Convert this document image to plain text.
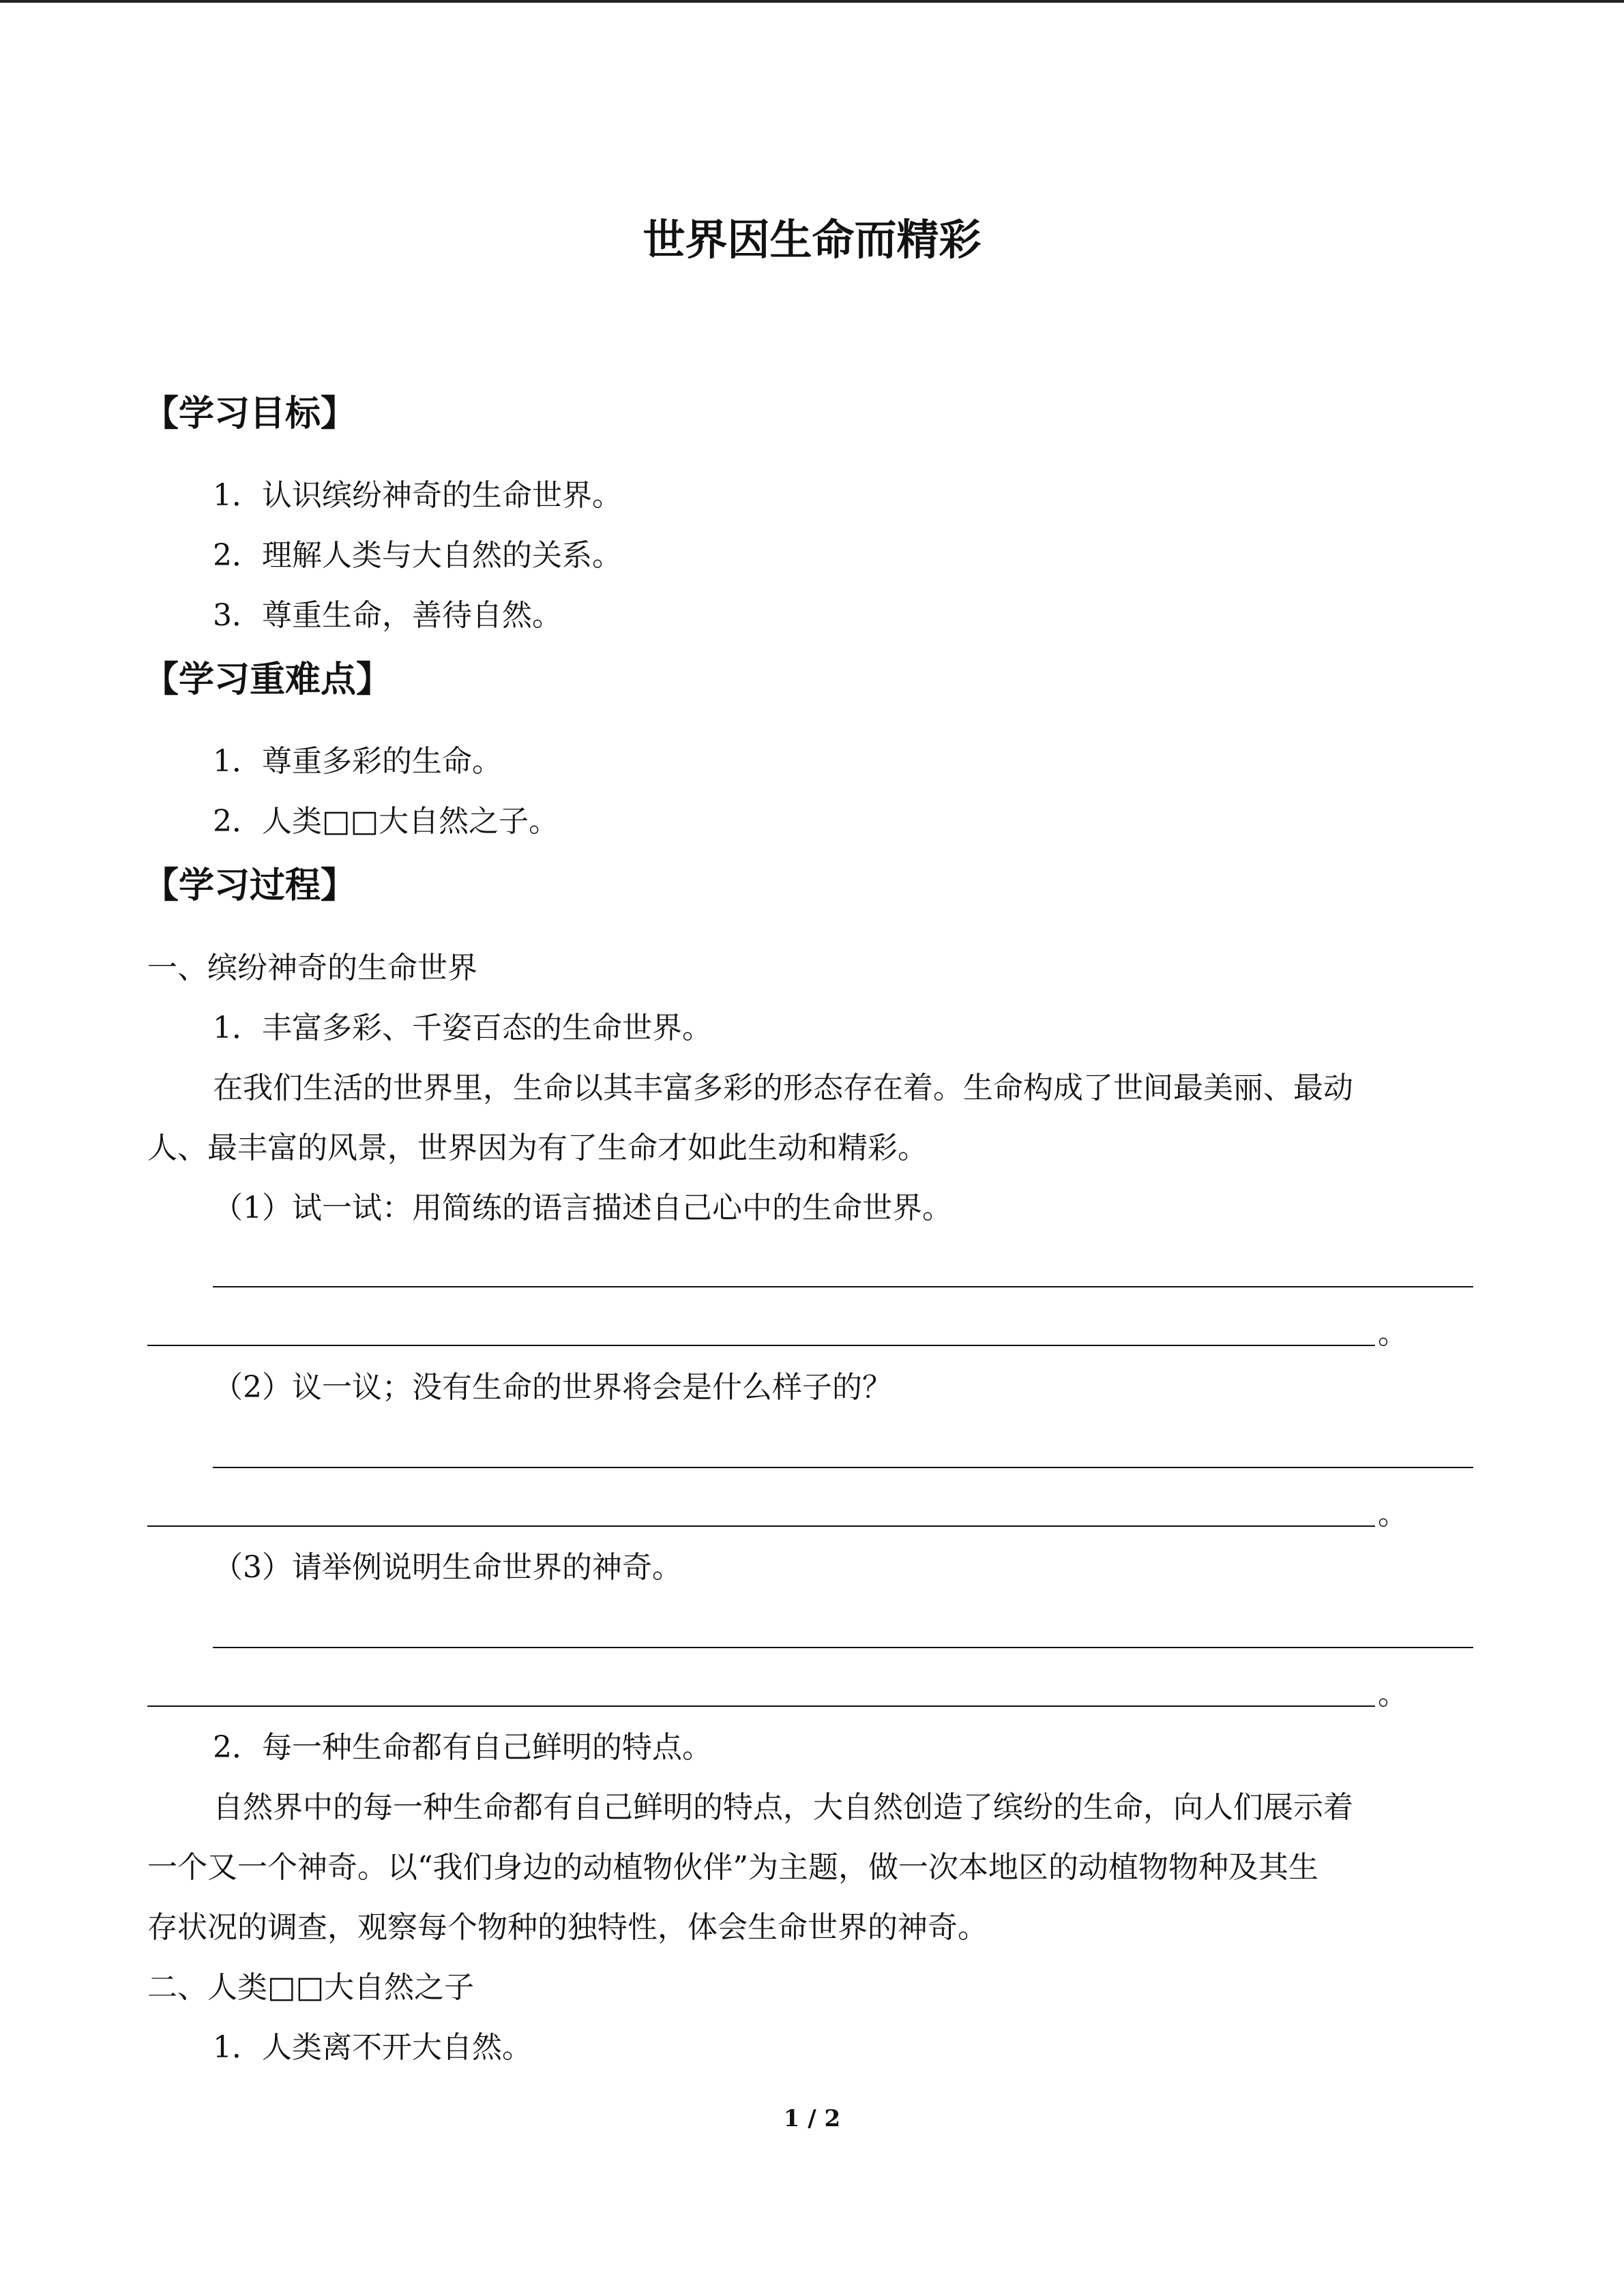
世界因生命而精彩
【学习目标】
1．认识缤纷神奇的生命世界。
2．理解人类与大自然的关系。
3．尊重生命，善待自然。
【学习重难点】
1．尊重多彩的生命。
2．人类□□大自然之子。
【学习过程】
一、缤纷神奇的生命世界
1．丰富多彩、千姿百态的生命世界。
在我们生活的世界里，生命以其丰富多彩的形态存在着。生命构成了世间最美丽、最动
人、最丰富的风景，世界因为有了生命才如此生动和精彩。
（1）试一试：用简练的语言描述自己心中的生命世界。
。
（2）议一议；没有生命的世界将会是什么样子的？
。
（3）请举例说明生命世界的神奇。
。
2．每一种生命都有自己鲜明的特点。
自然界中的每一种生命都有自己鲜明的特点，大自然创造了缤纷的生命，向人们展示着
一个又一个神奇。以“我们身边的动植物伙伴”为主题，做一次本地区的动植物物种及其生
存状况的调查，观察每个物种的独特性，体会生命世界的神奇。
二、人类□□大自然之子
1．人类离不开大自然。
1 / 2
